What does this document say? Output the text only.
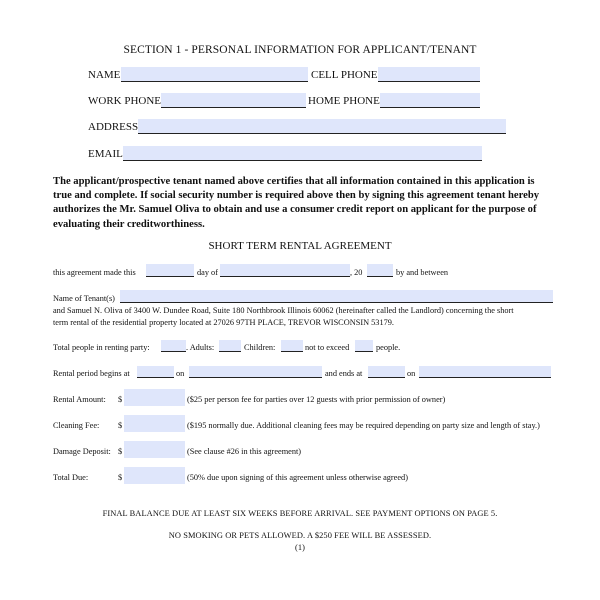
SECTION 1 - PERSONAL INFORMATION FOR APPLICANT/TENANT
NAME	CELL PHONE
WORK PHONE	HOME PHONE
ADDRESS
EMAIL
The applicant/prospective tenant named above certifies that all information contained in this application is true and complete. If social security number is required above then by signing this agreement tenant hereby authorizes the Mr. Samuel Oliva to obtain and use a consumer credit report on applicant for the purpose of evaluating their creditworthiness.
SHORT TERM RENTAL AGREEMENT
this agreement made this	day of	, 20	by and between
Name of Tenant(s)
and Samuel N. Oliva of 3400 W. Dundee Road, Suite 180 Northbrook Illinois 60062 (hereinafter called the Landlord) concerning the short
term rental of the residential property located at 27026 97TH PLACE, TREVOR WISCONSIN 53179.
Total people in renting party:	. Adults:	Children:	not to exceed	people.
Rental period begins at	on	and ends at	on
Rental Amount: $	($25 per person fee for parties over 12 guests with prior permission of owner)
Cleaning Fee: $	($195 normally due. Additional cleaning fees may be required depending on party size and length of stay.)
Damage Deposit: $	(See clause #26 in this agreement)
Total Due:	$	(50% due upon signing of this agreement unless otherwise agreed)
FINAL BALANCE DUE AT LEAST SIX WEEKS BEFORE ARRIVAL. SEE PAYMENT OPTIONS ON PAGE 5.
NO SMOKING OR PETS ALLOWED. A $250 FEE WILL BE ASSESSED.
(1)
